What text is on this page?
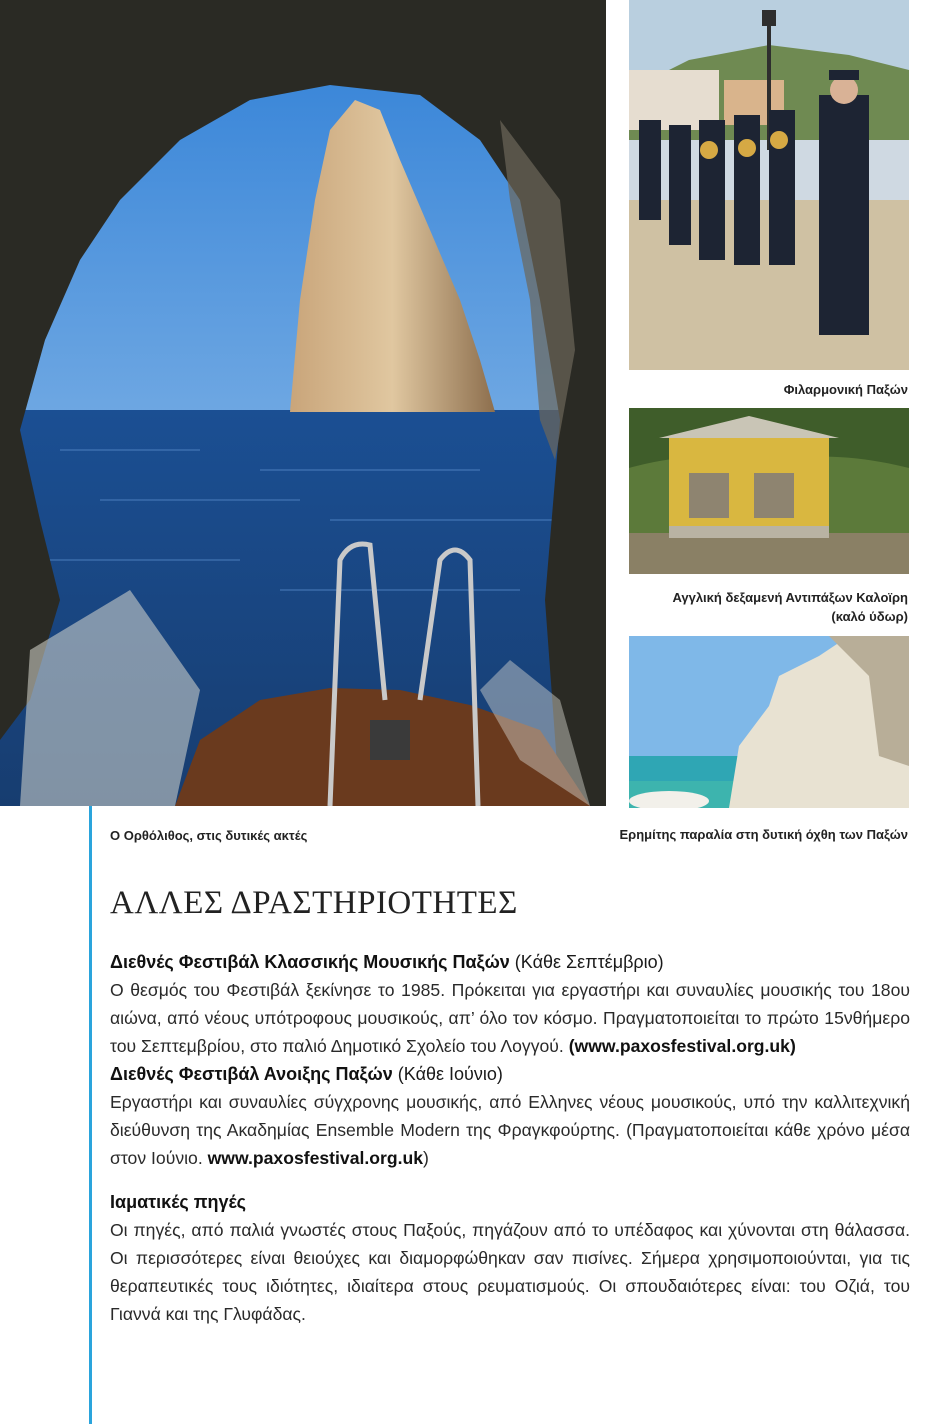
Φιλαρμονική Παξών
Αγγλική δεξαμενή Αντιπάξων Καλοϊρη
(καλό ύδωρ)
Ο Ορθόλιθος, στις δυτικές ακτές	Ερημίτης παραλία στη δυτική όχθη των Παξών
ΑΛΛΕΣ ΔΡΑΣΤΗΡΙΟΤΗΤΕΣ
Διεθνές Φεστιβάλ Κλασσικής Μουσικής Παξών (Κάθε Σεπτέμβριο)

Ο θεσμός του Φεστιβάλ ξεκίνησε το 1985. Πρόκειται για εργαστήρι και συναυλίες μουσικής του 18ου αιώνα, από νέους υπότροφους μουσικούς, απ’ όλο τον κόσμο. Πραγματοποιείται το πρώτο 15νθήμερο του Σεπτεμβρίου, στο παλιό Δημοτικό Σχολείο του Λογγού. (www.paxosfestival.org.uk)

Διεθνές Φεστιβάλ Ανοιξης Παξών (Κάθε Ιούνιο)

Εργαστήρι και συναυλίες σύγχρονης μουσικής, από Ελληνες νέους μουσικούς, υπό την καλλιτεχνική διεύθυνση της Ακαδημίας Ensemble Modern της Φραγκφούρτης. (Πραγματοποιείται κάθε χρόνο μέσα στον Ιούνιο. www.paxosfestival.org.uk)

Ιαματικές πηγές

Οι πηγές, από παλιά γνωστές στους Παξούς, πηγάζουν από το υπέδαφος και χύνονται στη θάλασσα. Οι περισσότερες είναι θειούχες και διαμορφώθηκαν σαν πισίνες. Σήμερα χρησιμοποιούνται, για τις θεραπευτικές τους ιδιότητες, ιδιαίτερα στους ρευματισμούς. Οι σπουδαιότερες είναι: του Οζιά, του Γιαννά και της Γλυφάδας.
